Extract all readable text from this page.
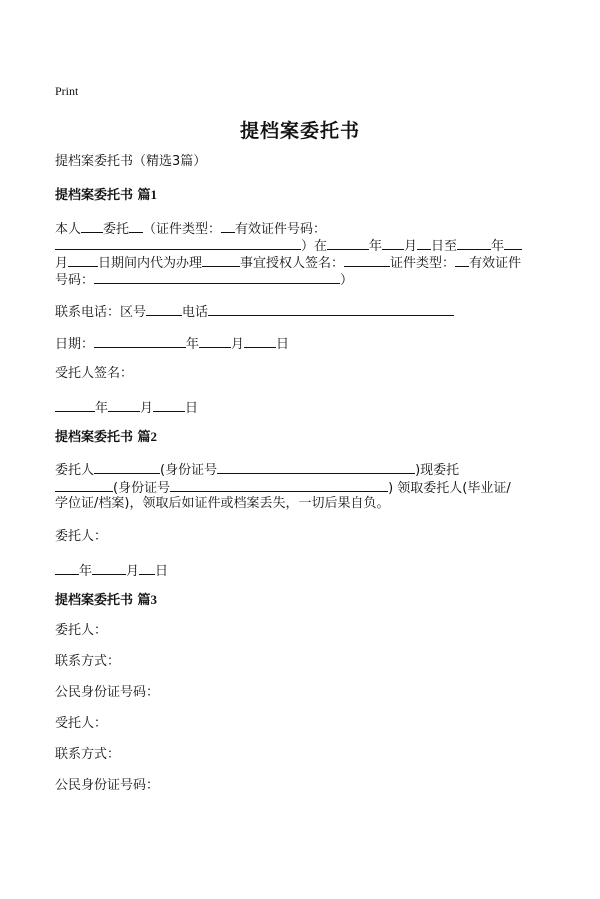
Print
提档案委托书
提档案委托书（精选3篇）
提档案委托书 篇1
本人 委托 （证件类型： 有效证件号码：
）在	年 月 日至	年
月 日期间内代为办理	事宜授权人签名：	证件类型： 有效证件
号码：	）
联系电话：区号	电话
日期：	年 月 日
受托人签名：
年 月 日
提档案委托书 篇2
委托人	(身份证号	)现委托
(身份证号	) 领取委托人(毕业证/
学位证/档案)，领取后如证件或档案丢失，一切后果自负。
委托人：
年	月 日
提档案委托书 篇3
委托人：
联系方式：
公民身份证号码：
受托人：
联系方式：
公民身份证号码：
